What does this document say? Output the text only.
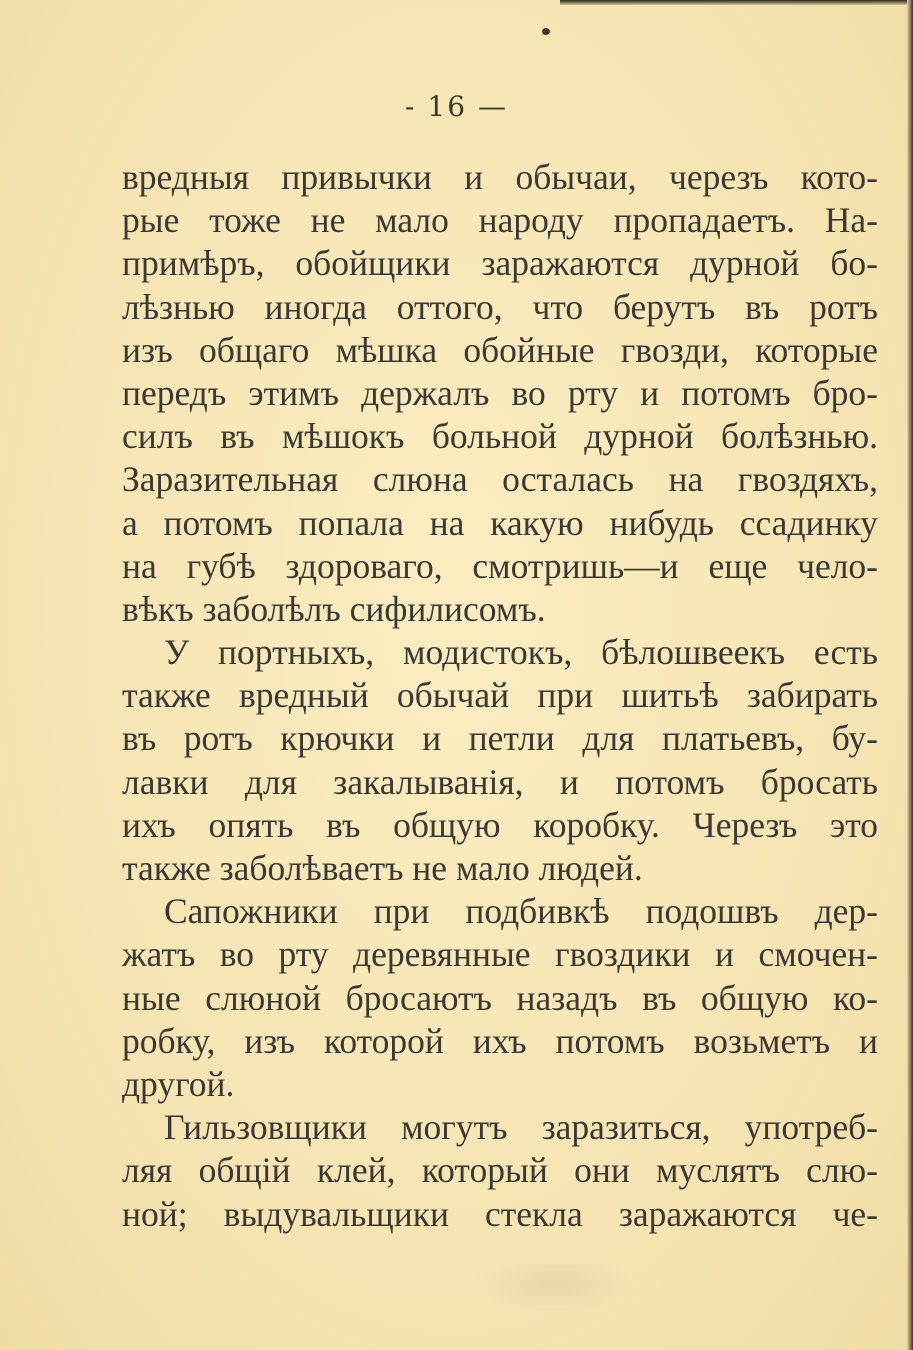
- 16 —
вредныя привычки и обычаи, черезъ кото-
рые тоже не мало народу пропадаетъ. На-
примѣръ, обойщики заражаются дурной бо-
лѣзнью иногда оттого, что берутъ въ ротъ
изъ общаго мѣшка обойные гвозди, которые
передъ этимъ держалъ во рту и потомъ бро-
силъ въ мѣшокъ больной дурной болѣзнью.
Заразительная слюна осталась на гвоздяхъ,
а потомъ попала на какую нибудь ссадинку
на губѣ здороваго, смотришь—и еще чело-
вѣкъ заболѣлъ сифилисомъ.
У портныхъ, модистокъ, бѣлошвеекъ есть
также вредный обычай при шитьѣ забирать
въ ротъ крючки и петли для платьевъ, бу-
лавки для закалыванія, и потомъ бросать
ихъ опять въ общую коробку. Черезъ это
также заболѣваетъ не мало людей.
Сапожники при подбивкѣ подошвъ дер-
жатъ во рту деревянные гвоздики и смочен-
ные слюной бросаютъ назадъ въ общую ко-
робку, изъ которой ихъ потомъ возьметъ и
другой.
Гильзовщики могутъ заразиться, употреб-
ляя общій клей, который они муслятъ слю-
ной; выдувальщики стекла заражаются че-
